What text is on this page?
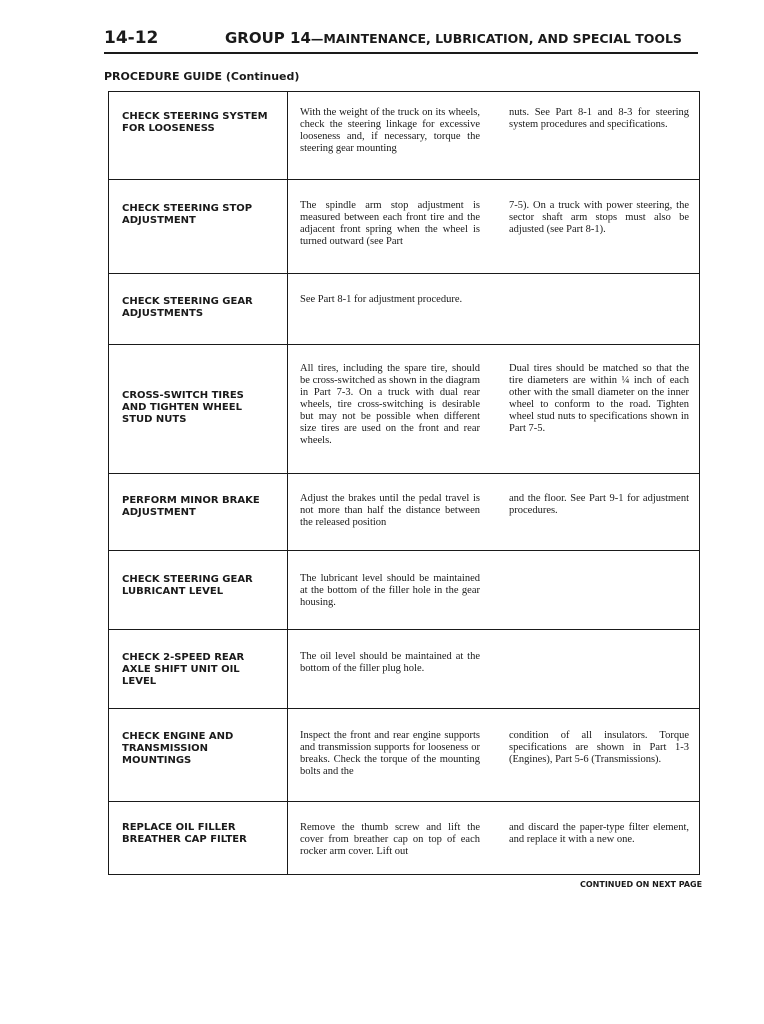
14-12	GROUP 14—MAINTENANCE, LUBRICATION, AND SPECIAL TOOLS
PROCEDURE GUIDE (Continued)
CHECK STEERING SYSTEM
FOR LOOSENESS
With the weight of the truck on its wheels, check the steering linkage for excessive looseness and, if necessary, torque the steering gear mounting
nuts. See Part 8-1 and 8-3 for steering system procedures and specifications.
CHECK STEERING STOP
ADJUSTMENT
The spindle arm stop adjustment is measured between each front tire and the adjacent front spring when the wheel is turned outward (see Part
7-5). On a truck with power steering, the sector shaft arm stops must also be adjusted (see Part 8-1).
CHECK STEERING GEAR
ADJUSTMENTS
See Part 8-1 for adjustment procedure.
CROSS-SWITCH TIRES
AND TIGHTEN WHEEL
STUD NUTS
All tires, including the spare tire, should be cross-switched as shown in the diagram in Part 7-3. On a truck with dual rear wheels, tire cross-switching is desirable but may not be possible when different size tires are used on the front and rear wheels.
Dual tires should be matched so that the tire diameters are within ¼ inch of each other with the small diameter on the inner wheel to conform to the road. Tighten wheel stud nuts to specifications shown in Part 7-5.
PERFORM MINOR BRAKE
ADJUSTMENT
Adjust the brakes until the pedal travel is not more than half the distance between the released position
and the floor. See Part 9-1 for adjustment procedures.
CHECK STEERING GEAR
LUBRICANT LEVEL
The lubricant level should be maintained at the bottom of the filler hole in the gear housing.
CHECK 2-SPEED REAR
AXLE SHIFT UNIT OIL
LEVEL
The oil level should be maintained at the bottom of the filler plug hole.
CHECK ENGINE AND
TRANSMISSION
MOUNTINGS
Inspect the front and rear engine supports and transmission supports for looseness or breaks. Check the torque of the mounting bolts and the
condition of all insulators. Torque specifications are shown in Part 1-3 (Engines), Part 5-6 (Transmissions).
REPLACE OIL FILLER
BREATHER CAP FILTER
Remove the thumb screw and lift the cover from breather cap on top of each rocker arm cover. Lift out
and discard the paper-type filter element, and replace it with a new one.
CONTINUED ON NEXT PAGE
